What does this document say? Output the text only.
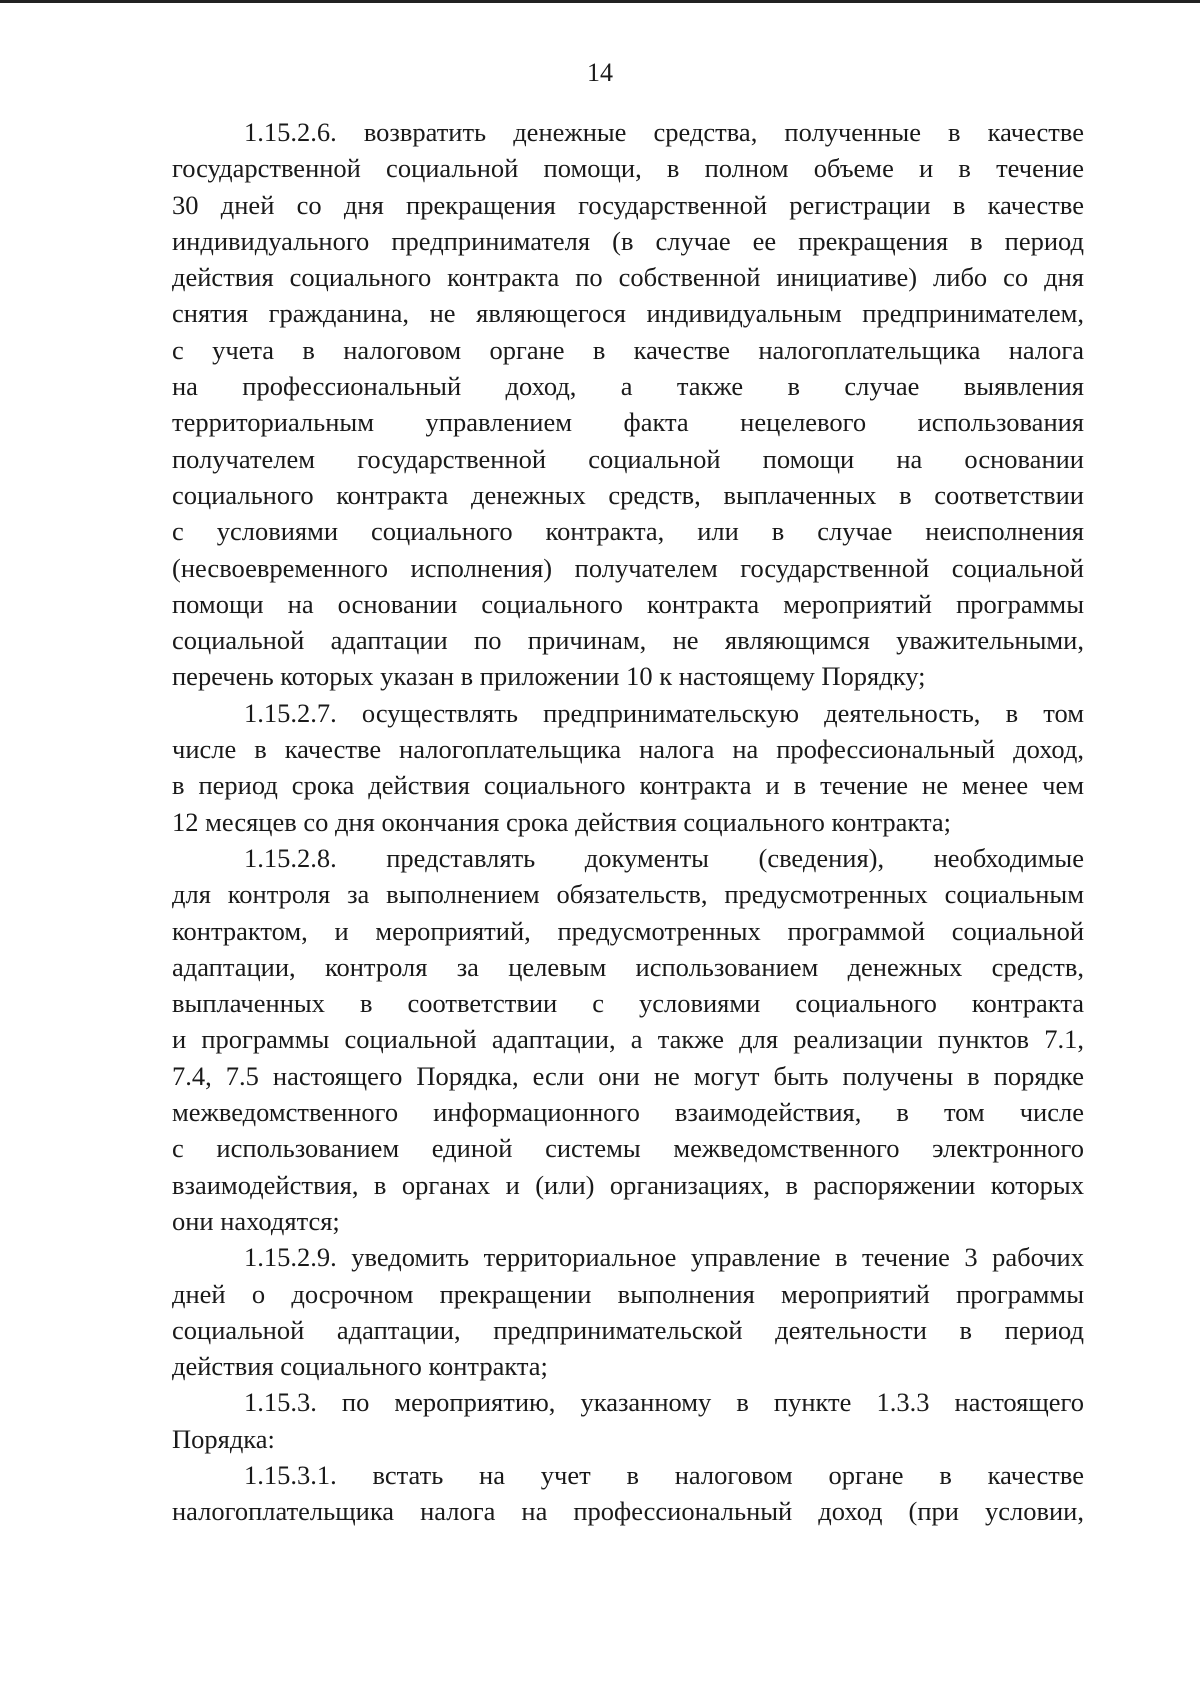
14
1.15.2.6. возвратить денежные средства, полученные в качестве
государственной социальной помощи, в полном объеме и в течение
30 дней со дня прекращения государственной регистрации в качестве
индивидуального предпринимателя (в случае ее прекращения в период
действия социального контракта по собственной инициативе) либо со дня
снятия гражданина, не являющегося индивидуальным предпринимателем,
с учета в налоговом органе в качестве налогоплательщика налога
на профессиональный доход, а также в случае выявления
территориальным управлением факта нецелевого использования
получателем государственной социальной помощи на основании
социального контракта денежных средств, выплаченных в соответствии
с условиями социального контракта, или в случае неисполнения
(несвоевременного исполнения) получателем государственной социальной
помощи на основании социального контракта мероприятий программы
социальной адаптации по причинам, не являющимся уважительными,
перечень которых указан в приложении 10 к настоящему Порядку;
1.15.2.7. осуществлять предпринимательскую деятельность, в том
числе в качестве налогоплательщика налога на профессиональный доход,
в период срока действия социального контракта и в течение не менее чем
12 месяцев со дня окончания срока действия социального контракта;
1.15.2.8. представлять документы (сведения), необходимые
для контроля за выполнением обязательств, предусмотренных социальным
контрактом, и мероприятий, предусмотренных программой социальной
адаптации, контроля за целевым использованием денежных средств,
выплаченных в соответствии с условиями социального контракта
и программы социальной адаптации, а также для реализации пунктов 7.1,
7.4, 7.5 настоящего Порядка, если они не могут быть получены в порядке
межведомственного информационного взаимодействия, в том числе
с использованием единой системы межведомственного электронного
взаимодействия, в органах и (или) организациях, в распоряжении которых
они находятся;
1.15.2.9. уведомить территориальное управление в течение 3 рабочих
дней о досрочном прекращении выполнения мероприятий программы
социальной адаптации, предпринимательской деятельности в период
действия социального контракта;
1.15.3. по мероприятию, указанному в пункте 1.3.3 настоящего
Порядка:
1.15.3.1. встать на учет в налоговом органе в качестве
налогоплательщика налога на профессиональный доход (при условии,
